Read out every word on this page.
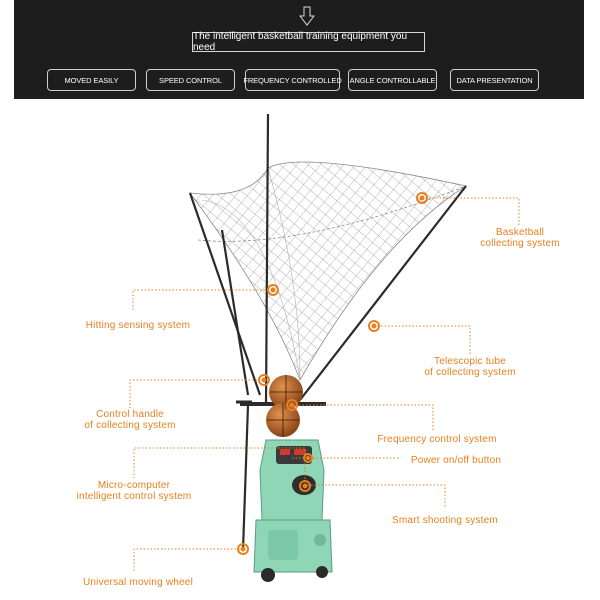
The intelligent basketball training equipment you need
MOVED EASILY	SPEED CONTROL	FREQUENCY CONTROLLED ANGLE CONTROLLABLE	DATA PRESENTATION
Basketball
collecting system
Hitting sensing system
Telescopic tube
of collecting system
Control handle
of collecting system
Frequency control system
Power on/off button
Micro-computer
intelligent control system
Smart shooting system
Universal moving wheel
